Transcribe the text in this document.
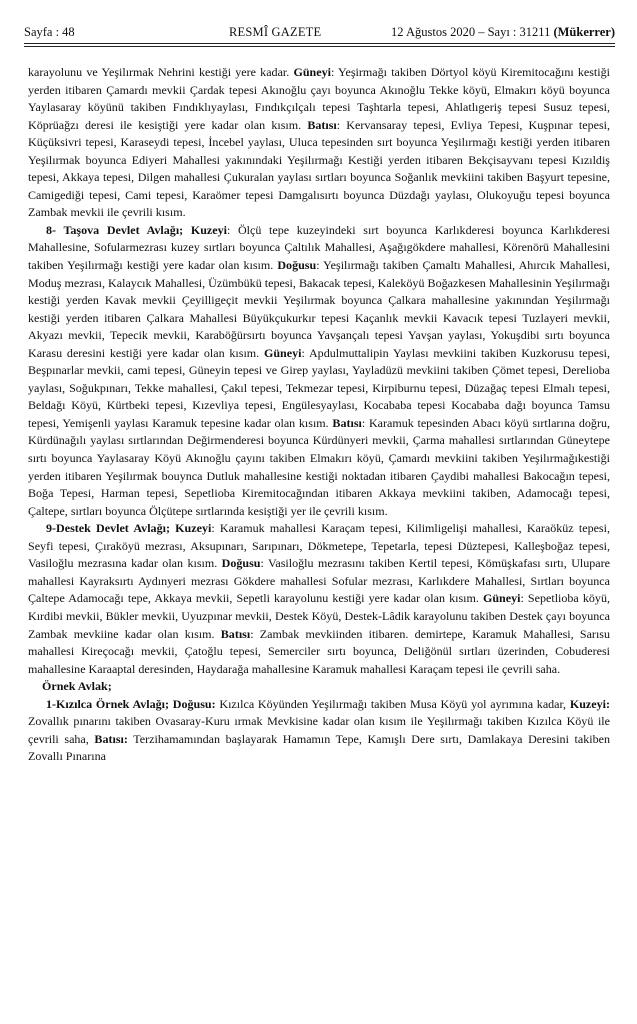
Sayfa : 48	RESMÎ GAZETE	12 Ağustos 2020 – Sayı : 31211 (Mükerrer)

karayolunu ve Yeşilırmak Nehrini kestiği yere kadar. Güneyi: Yeşirmağı takiben Dörtyol köyü Kiremitocağını kestiği yerden itibaren Çamardı mevkii Çardak tepesi Akınoğlu çayı boyunca Akınoğlu Tekke köyü, Elmakırı köyü boyunca Yaylasaray köyünü takiben Fındıklıyaylası, Fındıkçılçalı tepesi Taşhtarla tepesi, Ahlatlıgeriş tepesi Susuz tepesi, Köprüağzı deresi ile kesiştiği yere kadar olan kısım. Batısı: Kervansaray tepesi, Evliya Tepesi, Kuşpınar tepesi, Küçüksivri tepesi, Karaseydi tepesi, İncebel yaylası, Uluca tepesinden sırt boyunca Yeşilırmağı kestiği yerden itibaren Yeşilırmak boyunca Ediyeri Mahallesi yakınındaki Yeşilırmağı Kestiği yerden itibaren Bekçisayvanı tepesi Kızıldiş tepesi, Akkaya tepesi, Dilgen mahallesi Çukuralan yaylası sırtları boyunca Soğanlık mevkiini takiben Başyurt tepesine, Camigediği tepesi, Cami tepesi, Karaömer tepesi Damgalısırtı boyunca Düzdağı yaylası, Olukoyuğu tepesi boyunca Zambak mevkii ile çevrili kısım.

8- Taşova Devlet Avlağı; Kuzeyi: Ölçü tepe kuzeyindeki sırt boyunca Karlıkderesi boyunca Karlıkderesi Mahallesine, Sofularmezrası kuzey sırtları boyunca Çaltılık Mahallesi, Aşağıgökdere mahallesi, Körenörü Mahallesini takiben Yeşilırmağı kestiği yere kadar olan kısım. Doğusu: Yeşilırmağı takiben Çamaltı Mahallesi, Ahırcık Mahallesi, Moduş mezrası, Kalaycık Mahallesi, Üzümbükü tepesi, Bakacak tepesi, Kaleköyü Boğazkesen Mahallesinin Yeşilırmağı kestiği yerden Kavak mevkii Çeyilligeçit mevkii Yeşilırmak boyunca Çalkara mahallesine yakınından Yeşilırmağı kestiği yerden itibaren Çalkara Mahallesi Büyükçukurkır tepesi Kaçanlık mevkii Kavacık tepesi Tuzlayeri mevkii, Akyazı mevkii, Tepecik mevkii, Karaböğürsırtı boyunca Yavşançalı tepesi Yavşan yaylası, Yokuşdibi sırtı boyunca Karasu deresini kestiği yere kadar olan kısım. Güneyi: Apdulmuttalipin Yaylası mevkiini takiben Kuzkorusu tepesi, Beşpınarlar mevkii, cami tepesi, Güneyin tepesi ve Girep yaylası, Yayladüzü mevkiini takiben Çömet tepesi, Derelioba yaylası, Soğukpınarı, Tekke mahallesi, Çakıl tepesi, Tekmezar tepesi, Kirpiburnu tepesi, Düzağaç tepesi Elmalı tepesi, Beldağı Köyü, Kürtbeki tepesi, Kızevliya tepesi, Engülesyaylası, Kocababa tepesi Kocababa dağı boyunca Tamsu tepesi, Yemişenli yaylası Karamuk tepesine kadar olan kısım. Batısı: Karamuk tepesinden Abacı köyü sırtlarına doğru, Kürdünağılı yaylası sırtlarından Değirmenderesi boyunca Kürdünyeri mevkii, Çarma mahallesi sırtlarından Güneytepe sırtı boyunca Yaylasaray Köyü Akınoğlu çayını takiben Elmakırı köyü, Çamardı mevkiini takiben Yeşilırmağıkestiği yerden itibaren Yeşilırmak bouynca Dutluk mahallesine kestiği noktadan itibaren Çaydibi mahallesi Bakocağın tepesi, Boğa Tepesi, Harman tepesi, Sepetlioba Kiremitocağından itibaren Akkaya mevkiini takiben, Adamocağı tepesi, Çaltepe, sırtları boyunca Ölçütepe sırtlarında kesiştiği yer ile çevrili kısım.

9-Destek Devlet Avlağı; Kuzeyi: Karamuk mahallesi Karaçam tepesi, Kilimligelişi mahallesi, Karaöküz tepesi, Seyfi tepesi, Çıraköyü mezrası, Aksupınarı, Sarıpınarı, Dökmetepe, Tepetarla, tepesi Düztepesi, Kalleşboğaz tepesi, Vasiloğlu mezrasına kadar olan kısım. Doğusu: Vasiloğlu mezrasını takiben Kertil tepesi, Kömüşkafası sırtı, Ulupare mahallesi Kayraksırtı Aydınyeri mezrası Gökdere mahallesi Sofular mezrası, Karlıkdere Mahallesi, Sırtları boyunca Çaltepe Adamocağı tepe, Akkaya mevkii, Sepetli karayolunu kestiği yere kadar olan kısım. Güneyi: Sepetlioba köyü, Kırdibi mevkii, Bükler mevkii, Uyuzpınar mevkii, Destek Köyü, Destek-Lâdik karayolunu takiben Destek çayı boyunca Zambak mevkiine kadar olan kısım. Batısı: Zambak mevkiinden itibaren. demirtepe, Karamuk Mahallesi, Sarısu mahallesi Kireçocağı mevkii, Çatoğlu tepesi, Semerciler sırtı boyunca, Deliğönül sırtları üzerinden, Cobuderesi mahallesine Karaaptal deresinden, Haydarağa mahallesine Karamuk mahallesi Karaçam tepesi ile çevrili saha.

Örnek Avlak;

1-Kızılca Örnek Avlağı; Doğusu: Kızılca Köyünden Yeşilırmağı takiben Musa Köyü yol ayrımına kadar, Kuzeyi: Zovallık pınarını takiben Ovasaray-Kuru ırmak Mevkisine kadar olan kısım ile Yeşilırmağı takiben Kızılca Köyü ile çevrili saha, Batısı: Terzihamamından başlayarak Hamamın Tepe, Kamışlı Dere sırtı, Damlakaya Deresini takiben Zovallı Pınarına
